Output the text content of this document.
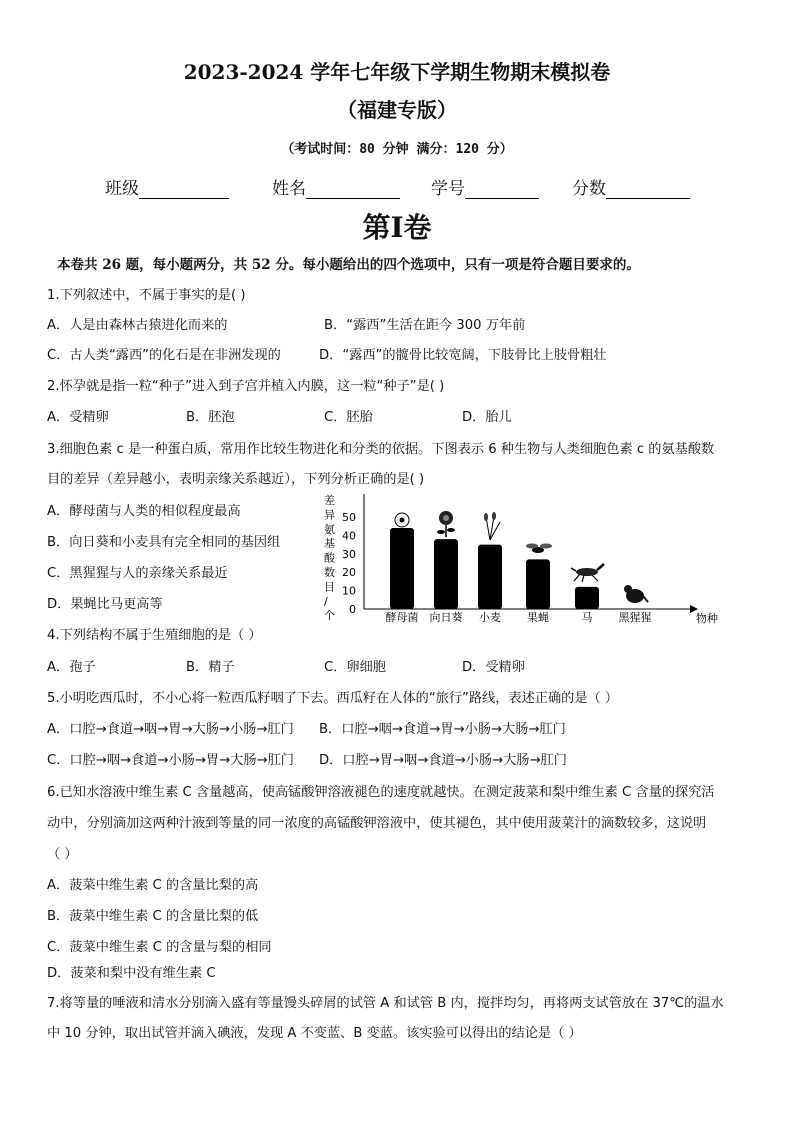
2023-2024 学年七年级下学期生物期末模拟卷
（福建专版）
（考试时间：80 分钟 满分：120 分）
班级	姓名	学号	分数
第Ⅰ卷
本卷共 26 题，每小题两分，共 52 分。每小题给出的四个选项中，只有一项是符合题目要求的。
1.下列叙述中，不属于事实的是( )
A．人是由森林古猿进化而来的	B．“露西”生活在距今 300 万年前
C．古人类“露西”的化石是在非洲发现的	D．“露西”的髋骨比较宽阔，下肢骨比上肢骨粗壮
2.怀孕就是指一粒“种子”进入到子宫并植入内膜，这一粒“种子”是( )
A．受精卵	B．胚泡	C．胚胎	D．胎儿
3.细胞色素 c 是一种蛋白质，常用作比较生物进化和分类的依据。下图表示 6 种生物与人类细胞色素 c 的氨基酸数
目的差异（差异越小，表明亲缘关系越近），下列分析正确的是( )
A．酵母菌与人类的相似程度最高
B．向日葵和小麦具有完全相同的基因组
C．黑猩猩与人的亲缘关系最近
D．果蝇比马更高等
差异氨基酸数目/个 0
10
20
30
40
50
酵母菌 向日葵 小麦 果蝇	马 黑猩猩	物种
4.下列结构不属于生殖细胞的是（ ）
A．孢子	B．精子	C．卵细胞	D．受精卵
5.小明吃西瓜时，不小心将一粒西瓜籽咽了下去。西瓜籽在人体的“旅行”路线，表述正确的是（ ）
A．口腔→食道→咽→胃→大肠→小肠→肛门 B．口腔→咽→食道→胃→小肠→大肠→肛门
C．口腔→咽→食道→小肠→胃→大肠→肛门 D．口腔→胃→咽→食道→小肠→大肠→肛门
6.已知水溶液中维生素 C 含量越高，使高锰酸钾溶液褪色的速度就越快。在测定菠菜和梨中维生素 C 含量的探究活
动中，分别滴加这两种汁液到等量的同一浓度的高锰酸钾溶液中，使其褪色，其中使用菠菜汁的滴数较多，这说明
（ ）
A．菠菜中维生素 C 的含量比梨的高
B．菠菜中维生素 C 的含量比梨的低
C．菠菜中维生素 C 的含量与梨的相同
D．菠菜和梨中没有维生素 C
7.将等量的唾液和清水分别滴入盛有等量馒头碎屑的试管 A 和试管 B 内，搅拌均匀，再将两支试管放在 37℃的温水
中 10 分钟，取出试管并滴入碘液，发现 A 不变蓝、B 变蓝。该实验可以得出的结论是（ ）
